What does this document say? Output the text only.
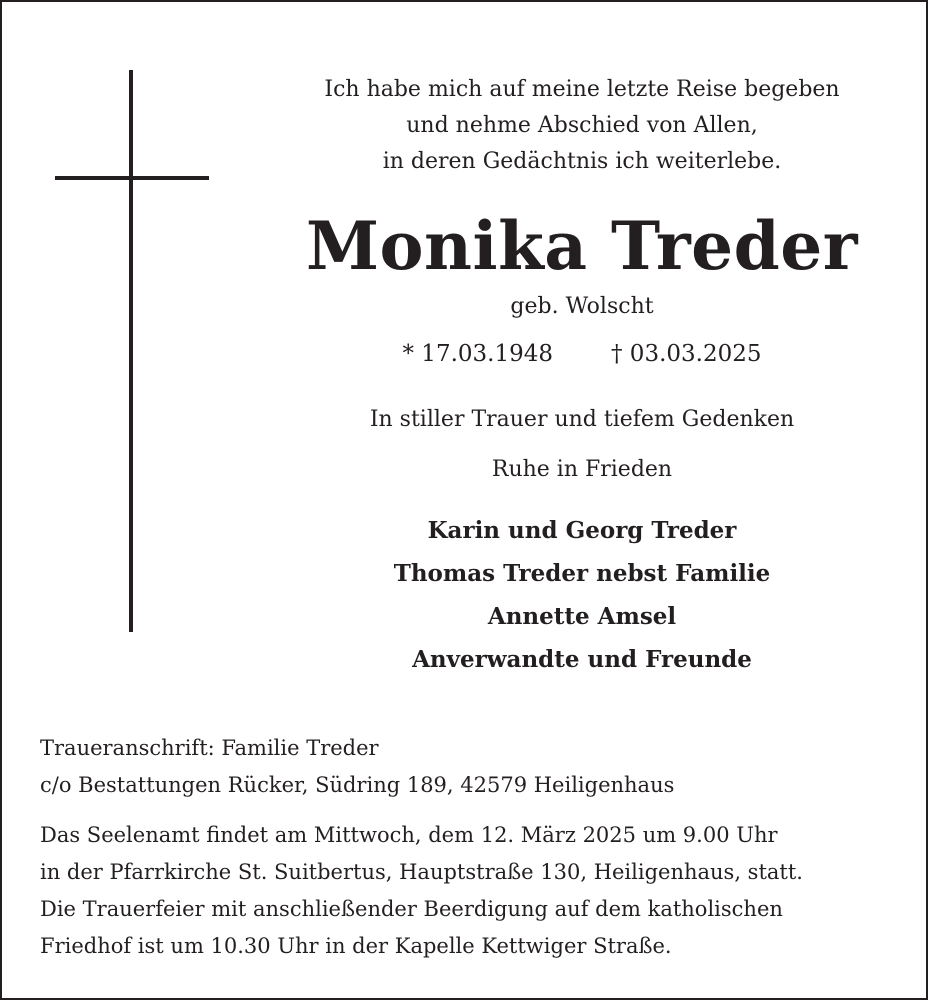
Ich habe mich auf meine letzte Reise begeben
und nehme Abschied von Allen,
in deren Gedächtnis ich weiterlebe.
Monika Treder
geb. Wolscht
* 17.03.1948	† 03.03.2025
In stiller Trauer und tiefem Gedenken
Ruhe in Frieden
Karin und Georg Treder
Thomas Treder nebst Familie
Annette Amsel
Anverwandte und Freunde
Traueranschrift: Familie Treder
c/o Bestattungen Rücker, Südring 189, 42579 Heiligenhaus
Das Seelenamt findet am Mittwoch, dem 12. März 2025 um 9.00 Uhr
in der Pfarrkirche St. Suitbertus, Hauptstraße 130, Heiligenhaus, statt.
Die Trauerfeier mit anschließender Beerdigung auf dem katholischen
Friedhof ist um 10.30 Uhr in der Kapelle Kettwiger Straße.
